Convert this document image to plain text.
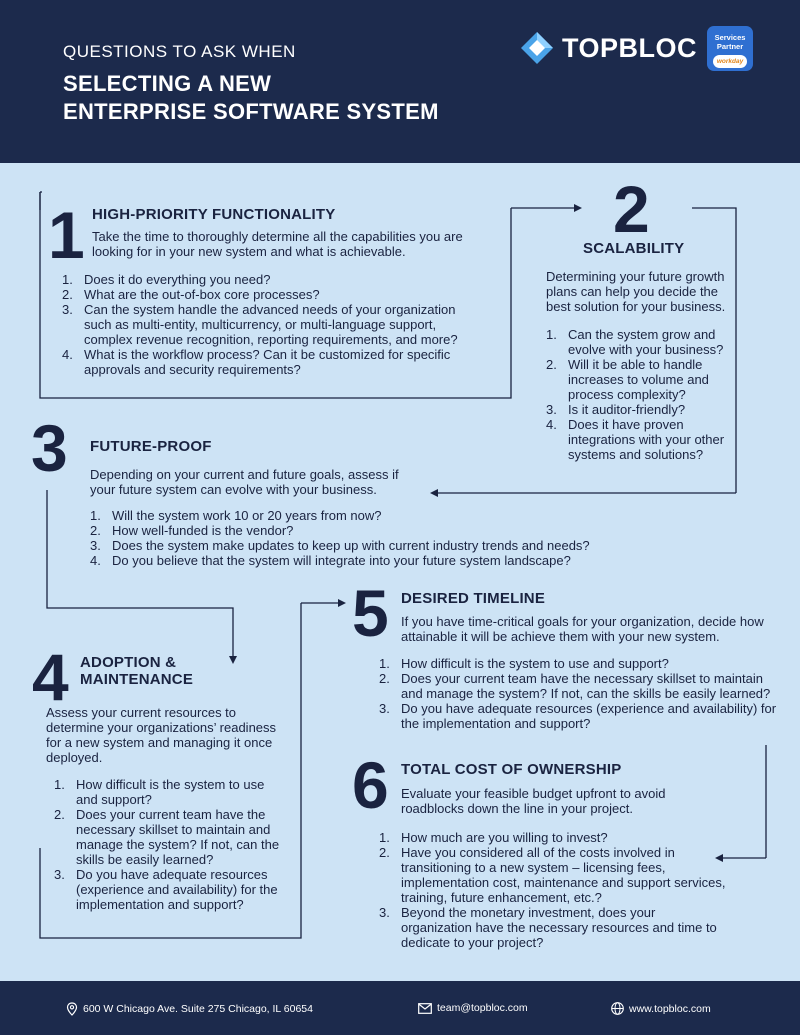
QUESTIONS TO ASK WHEN
SELECTING A NEW
ENTERPRISE SOFTWARE SYSTEM
TOPBLOC	Services
Partner
workday
1 HIGH-PRIORITY FUNCTIONALITY
Take the time to thoroughly determine all the capabilities you are looking for in your new system and what is achievable.
Does it do everything you need?
What are the out-of-box core processes?
Can the system handle the advanced needs of your organization such as multi-entity, multicurrency, or multi-language support, complex revenue recognition, reporting requirements, and more?
What is the workflow process? Can it be customized for specific approvals and security requirements?
2
SCALABILITY
Determining your future growth plans can help you decide the best solution for your business.
Can the system grow and evolve with your business?
Will it be able to handle increases to volume and process complexity?
Is it auditor-friendly?
Does it have proven integrations with your other systems and solutions?
3 FUTURE-PROOF
Depending on your current and future goals, assess if your future system can evolve with your business.
Will the system work 10 or 20 years from now?
How well-funded is the vendor?
Does the system make updates to keep up with current industry trends and needs?
Do you believe that the system will integrate into your future system landscape?
4 ADOPTION &
MAINTENANCE
Assess your current resources to determine your organizations’ readiness for a new system and managing it once deployed.
How difficult is the system to use and support?
Does your current team have the necessary skillset to maintain and manage the system? If not, can the skills be easily learned?
Do you have adequate resources (experience and availability) for the implementation and support?
5 DESIRED TIMELINE
If you have time-critical goals for your organization, decide how attainable it will be achieve them with your new system.
How difficult is the system to use and support?
Does your current team have the necessary skillset to maintain and manage the system? If not, can the skills be easily learned?
Do you have adequate resources (experience and availability) for the implementation and support?
6 TOTAL COST OF OWNERSHIP
Evaluate your feasible budget upfront to avoid roadblocks down the line in your project.
How much are you willing to invest?
Have you considered all of the costs involved in transitioning to a new system – licensing fees, implementation cost, maintenance and support services, training, future enhancement, etc.?
Beyond the monetary investment, does your organization have the necessary resources and time to dedicate to your project?
600 W Chicago Ave. Suite 275 Chicago, IL 60654	team@topbloc.com	www.topbloc.com
